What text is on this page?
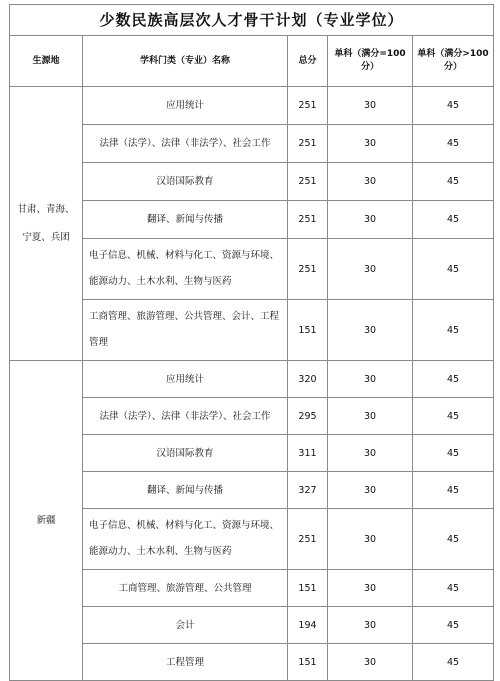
少数民族高层次人才骨干计划（专业学位）				
生源地	学科门类（专业）名称	总分	单科（满分=100分）	单科（满分>100分）
甘肃、青海、宁夏、兵团	应用统计	251	30	45
	法律（法学）、法律（非法学）、社会工作	251	30	45
	汉语国际教育	251	30	45
	翻译、新闻与传播	251	30	45
	电子信息、机械、材料与化工、资源与环境、能源动力、土木水利、生物与医药	251	30	45
	工商管理、旅游管理、公共管理、会计、工程管理	151	30	45
新疆	应用统计	320	30	45
	法律（法学）、法律（非法学）、社会工作	295	30	45
	汉语国际教育	311	30	45
	翻译、新闻与传播	327	30	45
	电子信息、机械、材料与化工、资源与环境、能源动力、土木水利、生物与医药	251	30	45
	工商管理、旅游管理、公共管理	151	30	45
	会计	194	30	45
	工程管理	151	30	45
